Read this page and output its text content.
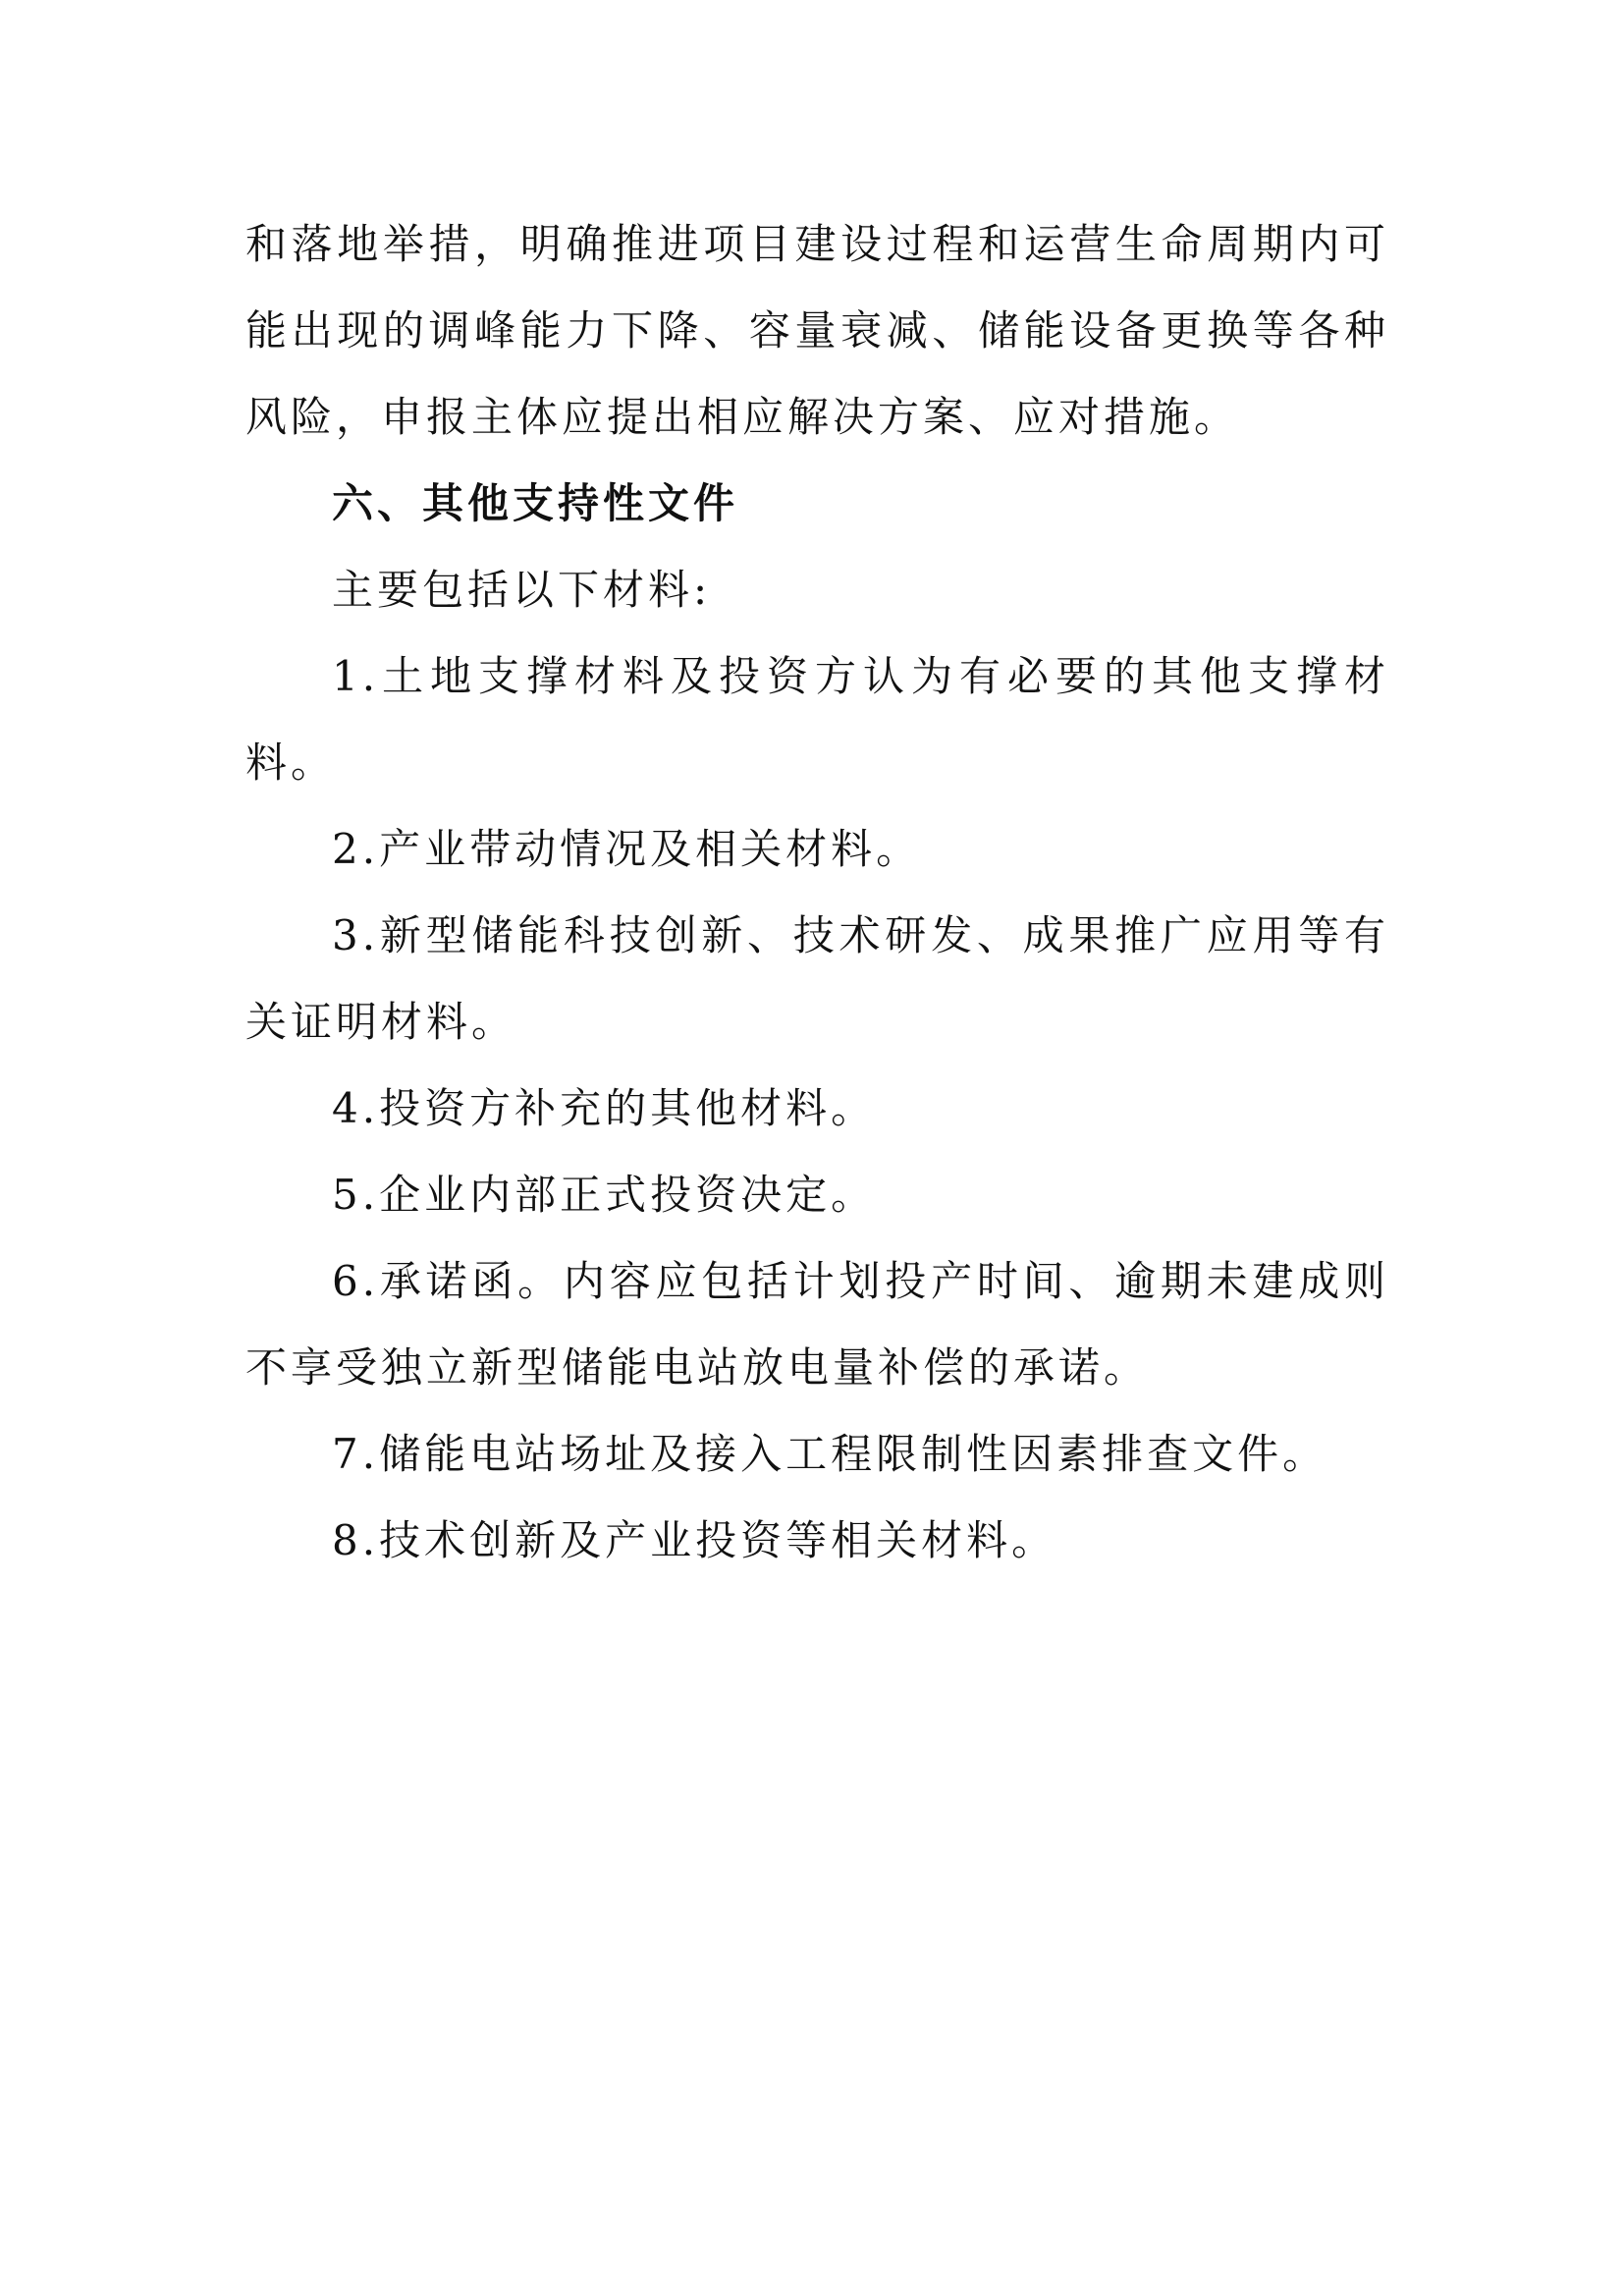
和落地举措，明确推进项目建设过程和运营生命周期内可能出现的调峰能力下降、容量衰减、储能设备更换等各种风险，申报主体应提出相应解决方案、应对措施。

六、其他支持性文件

主要包括以下材料:

1.土地支撑材料及投资方认为有必要的其他支撑材料。

2.产业带动情况及相关材料。

3.新型储能科技创新、技术研发、成果推广应用等有关证明材料。

4.投资方补充的其他材料。

5.企业内部正式投资决定。

6.承诺函。内容应包括计划投产时间、逾期未建成则不享受独立新型储能电站放电量补偿的承诺。

7.储能电站场址及接入工程限制性因素排查文件。

8.技术创新及产业投资等相关材料。
